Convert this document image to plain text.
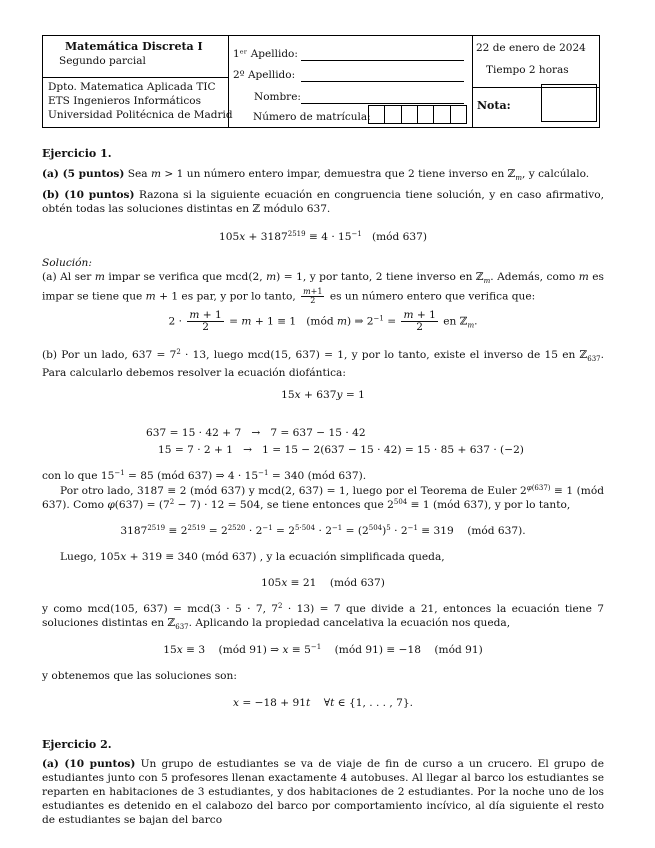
Matemática Discreta I
Segundo parcial
Dpto. Matematica Aplicada TIC
ETS Ingenieros Informáticos
Universidad Politécnica de Madrid
1ᵉʳ Apellido:
2º Apellido:
Nombre:
Número de matrícula:
22 de enero de 2024
Tiempo 2 horas
Nota:
Ejercicio 1.
(a) (5 puntos) Sea m > 1 un número entero impar, demuestra que 2 tiene inverso en ℤ$_m$, y calcúlalo.
(b) (10 puntos) Razona si la siguiente ecuación en congruencia tiene solución, y en caso afirmativo, obtén todas las soluciones distintas en ℤ módulo 637.
$105x + 3187^{2519} \equiv 4 \cdot 15^{-1}$   (mód 637)
Solución:
(a) Al ser m impar se verifica que mcd(2, m) = 1, y por tanto, 2 tiene inverso en ℤ$_m$. Además, como m es impar se tiene que m + 1 es par, y por lo tanto, $\frac{m+1}{2}$ es un número entero que verifica que:
$2 \cdot \frac{m + 1}{2} = m + 1 \equiv 1$   (mód m) ⇒ $2^{-1} = \frac{m + 1}{2}$ en ℤ$_m$.
(b) Por un lado, $637 = 7^2 \cdot 13$, luego mcd(15, 637) = 1, y por lo tanto, existe el inverso de 15 en ℤ$_{637}$. Para calcularlo debemos resolver la ecuación diofántica:
15x + 637y = 1
637 = 15 · 42 + 7   →   7 = 637 − 15 · 42
15 = 7 · 2 + 1   →   1 = 15 − 2(637 − 15 · 42) = 15 · 85 + 637 · (−2)
con lo que $15^{-1} = 85$ (mód 637) ⇒ $4 \cdot 15^{-1} = 340$ (mód 637).
Por otro lado, 3187 ≡ 2 (mód 637) y mcd(2, 637) = 1, luego por el Teorema de Euler $2^{\varphi(637)} \equiv 1$ (mód 637). Como $\varphi(637) = (7^2 - 7) \cdot 12 = 504$, se tiene entonces que $2^{504} \equiv 1$ (mód 637), y por lo tanto,
$3187^{2519} \equiv 2^{2519} = 2^{2520} \cdot 2^{-1} = 2^{5\cdot 504} \cdot 2^{-1} = (2^{504})^5 \cdot 2^{-1} \equiv 319$    (mód 637).
Luego, 105x + 319 ≡ 340 (mód 637) , y la ecuación simplificada queda,
105x ≡ 21    (mód 637)
y como mcd(105, 637) = mcd(3 · 5 · 7, $7^2 \cdot 13) = 7$ que divide a 21, entonces la ecuación tiene 7 soluciones distintas en ℤ$_{637}$. Aplicando la propiedad cancelativa la ecuación nos queda,
15x ≡ 3    (mód 91) ⇒ $x \equiv 5^{-1}$    (mód 91) ≡ −18    (mód 91)
y obtenemos que las soluciones son:
x = −18 + 91t    ∀t ∈ {1, . . . , 7}.
Ejercicio 2.
(a) (10 puntos) Un grupo de estudiantes se va de viaje de fin de curso a un crucero. El grupo de estudiantes junto con 5 profesores llenan exactamente 4 autobuses. Al llegar al barco los estudiantes se reparten en habitaciones de 3 estudiantes, y dos habitaciones de 2 estudiantes. Por la noche uno de los estudiantes es detenido en el calabozo del barco por comportamiento incívico, al día siguiente el resto de estudiantes se bajan del barco
